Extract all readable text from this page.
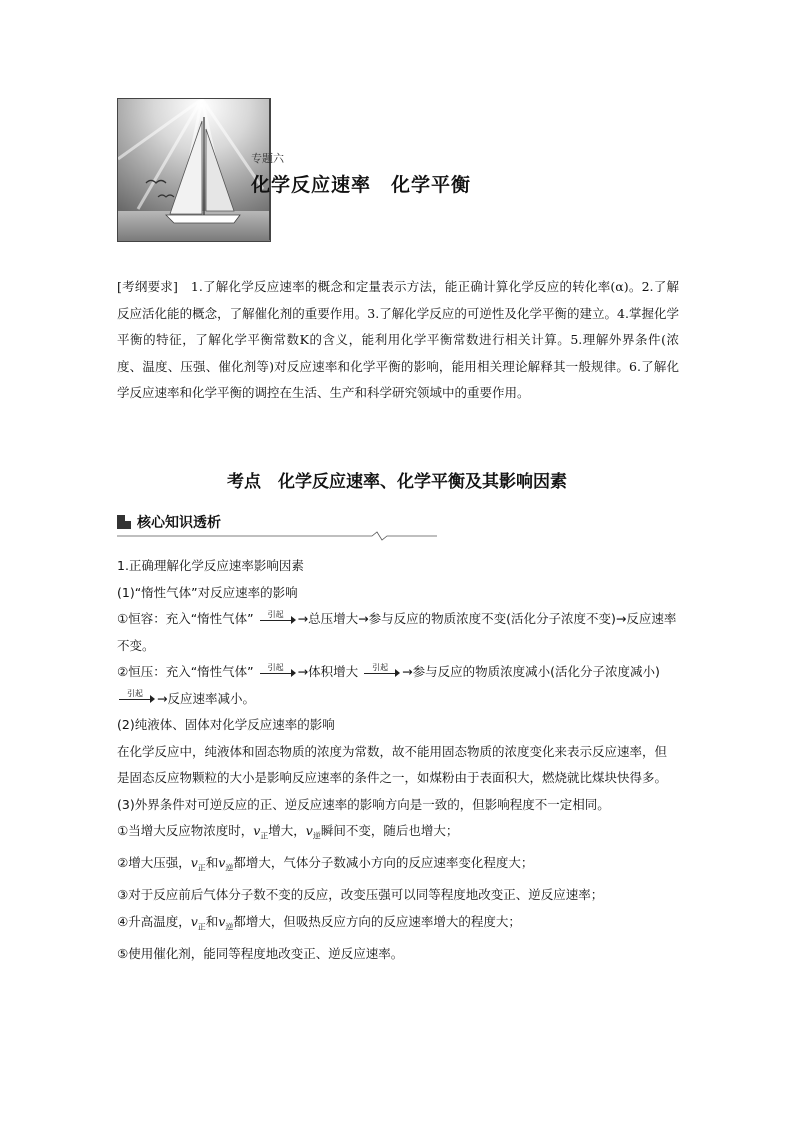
专题六
化学反应速率　化学平衡

[考纲要求]　 1.了解化学反应速率的概念和定量表示方法，能正确计算化学反应的转化率(α)。2.了解反应活化能的概念，了解催化剂的重要作用。3.了解化学反应的可逆性及化学平衡的建立。4.掌握化学平衡的特征，了解化学平衡常数K的含义，能利用化学平衡常数进行相关计算。5.理解外界条件(浓度、温度、压强、催化剂等)对反应速率和化学平衡的影响，能用相关理论解释其一般规律。6.了解化学反应速率和化学平衡的调控在生活、生产和科学研究领域中的重要作用。

考点　化学反应速率、化学平衡及其影响因素
核心知识透析

1.正确理解化学反应速率影响因素

(1)“惰性气体”对反应速率的影响

①恒容：充入“惰性气体” 引起 →总压增大→参与反应的物质浓度不变(活化分子浓度不变)→反应速率不变。

②恒压：充入“惰性气体” 引起 →体积增大 引起 →参与反应的物质浓度减小(活化分子浓度减小)
引起 →反应速率减小。

(2)纯液体、固体对化学反应速率的影响

在化学反应中，纯液体和固态物质的浓度为常数，故不能用固态物质的浓度变化来表示反应速率，但是固态反应物颗粒的大小是影响反应速率的条件之一，如煤粉由于表面积大，燃烧就比煤块快得多。

(3)外界条件对可逆反应的正、逆反应速率的影响方向是一致的，但影响程度不一定相同。

①当增大反应物浓度时，$v_正$增大，$v_逆$瞬间不变，随后也增大；

②增大压强，$v_正$和$v_逆$都增大，气体分子数减小方向的反应速率变化程度大；

③对于反应前后气体分子数不变的反应，改变压强可以同等程度地改变正、逆反应速率；

④升高温度，$v_正$和$v_逆$都增大，但吸热反应方向的反应速率增大的程度大；

⑤使用催化剂，能同等程度地改变正、逆反应速率。
